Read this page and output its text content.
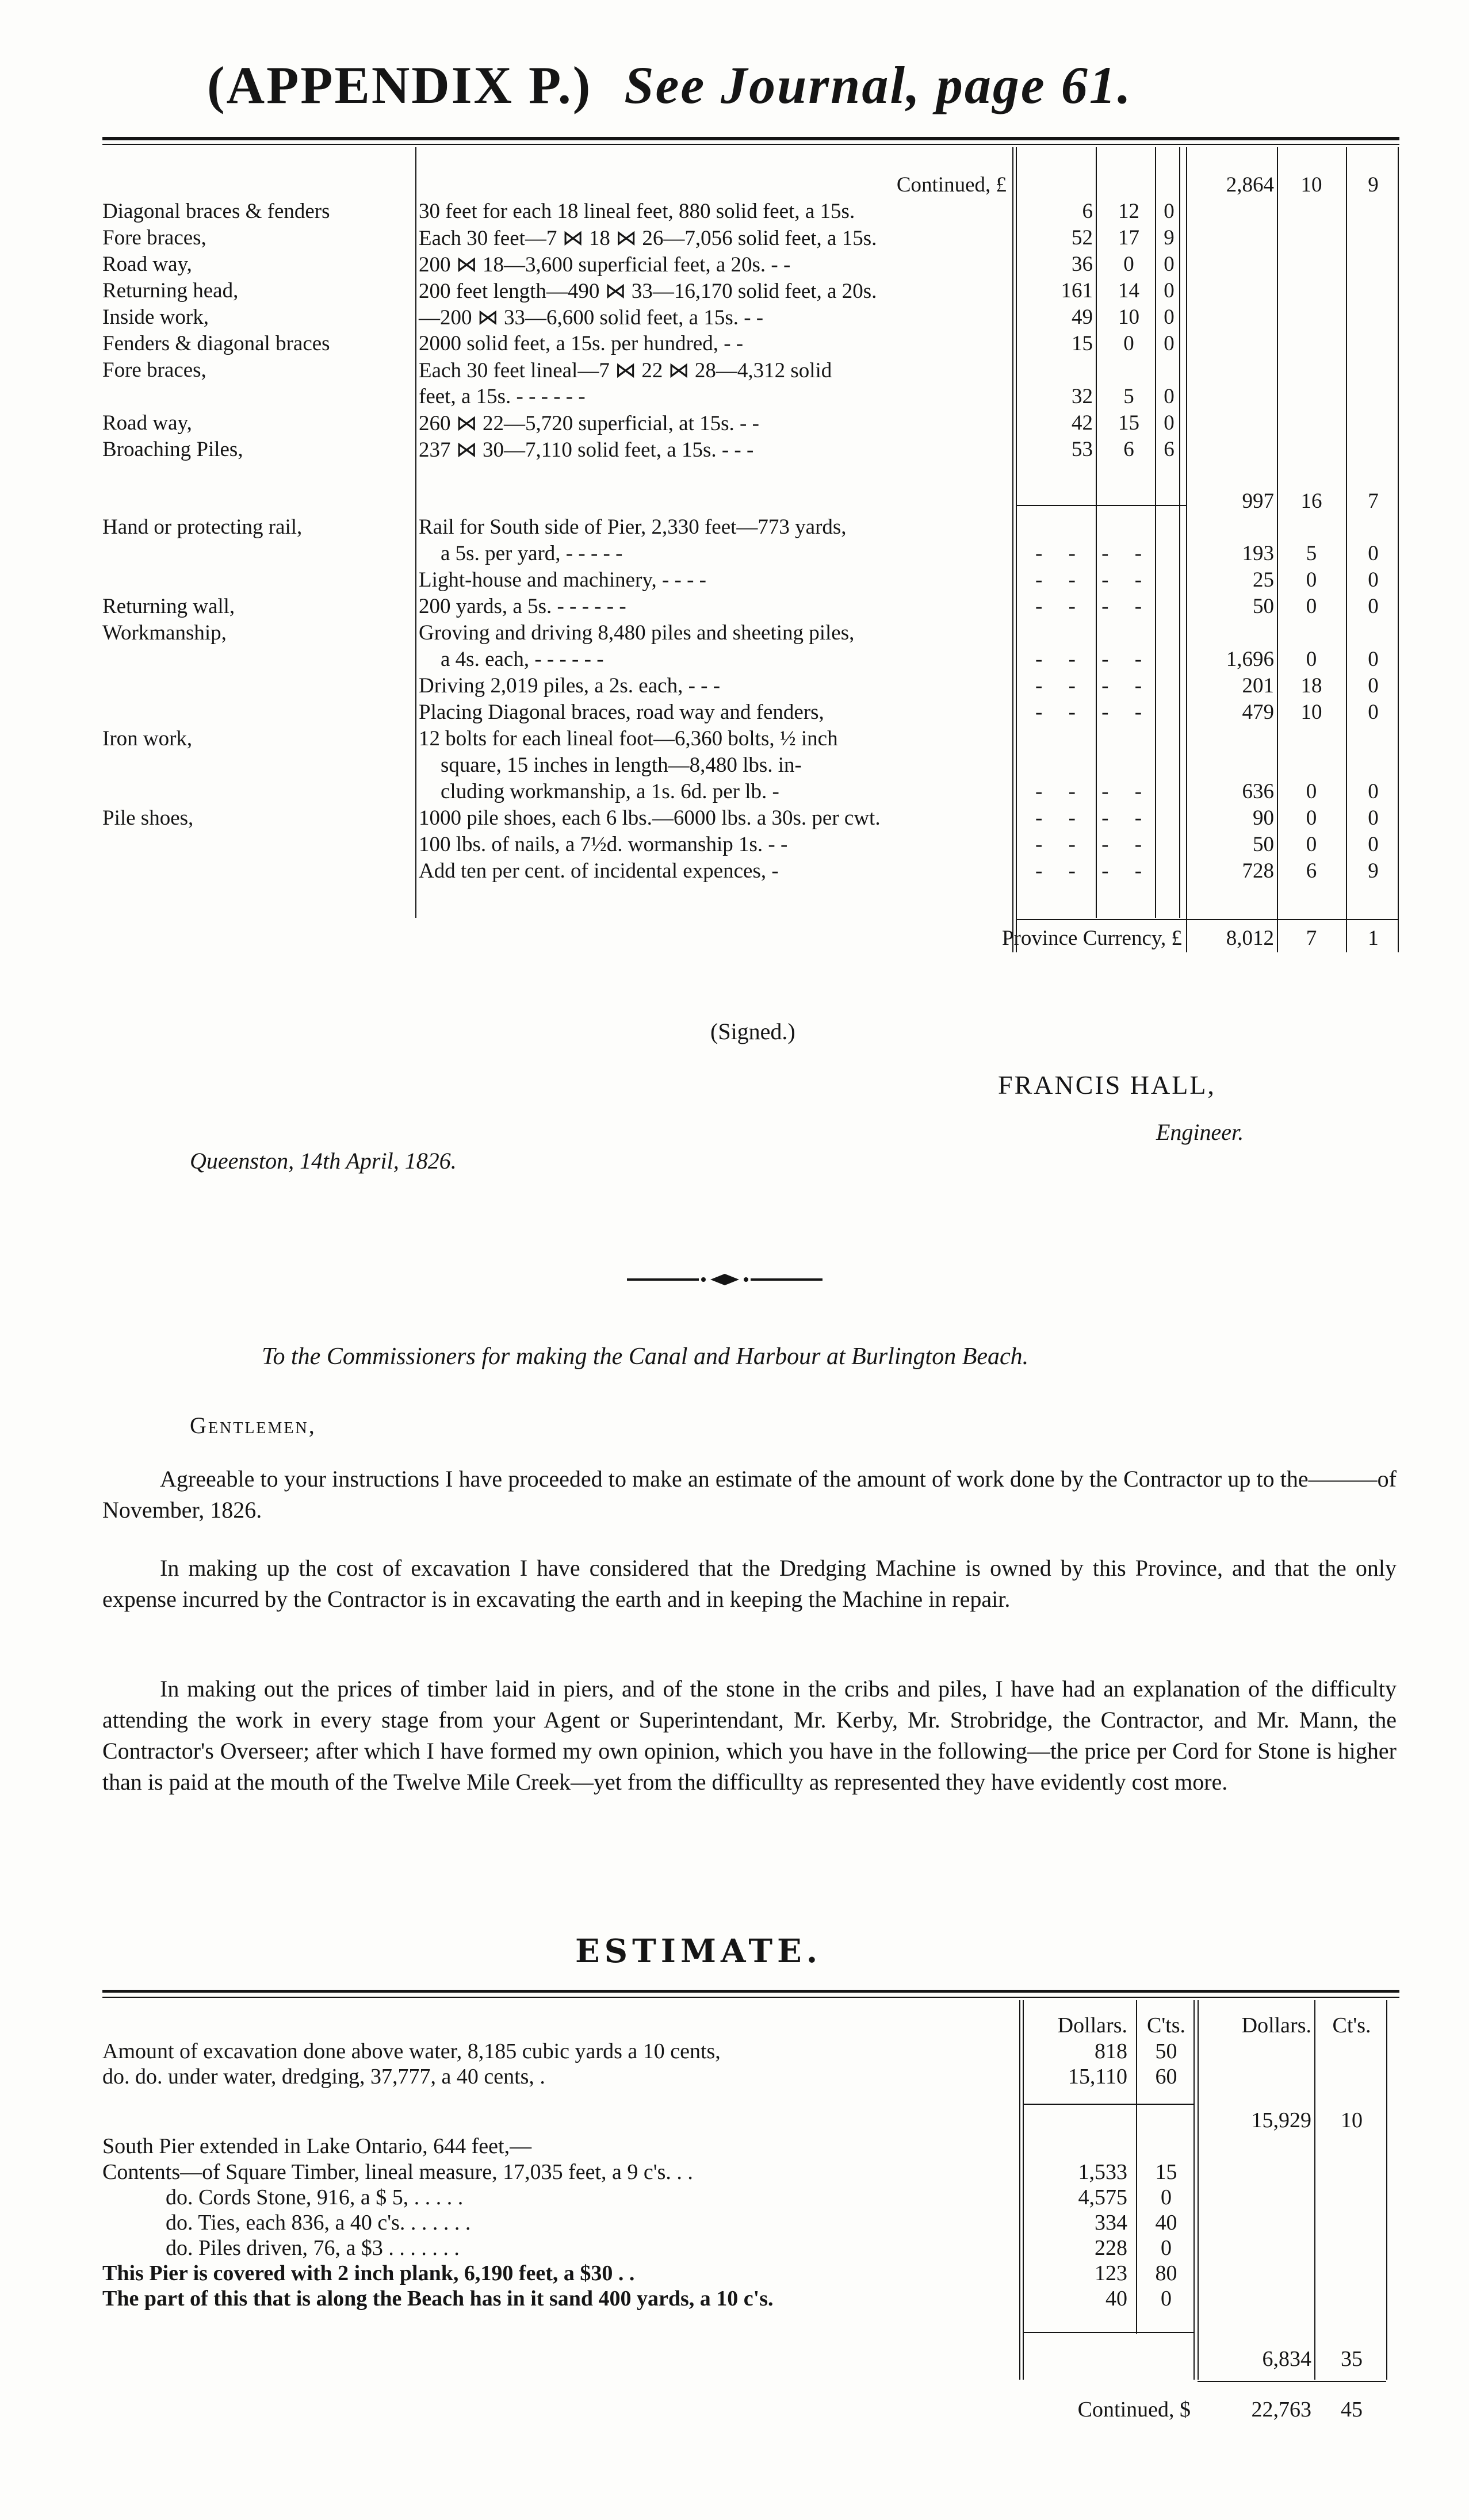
(APPENDIX P.) See Journal, page 61.
Continued, £	2,864	10	9
Diagonal braces & fenders	30 feet for each 18 lineal feet, 880 solid feet, a 15s.	6	12	0
Fore braces,	Each 30 feet—7 ⋈ 18 ⋈ 26—7,056 solid feet, a 15s.	52	17	9
Road way,	200 ⋈ 18—3,600 superficial feet, a 20s. - -	36	0	0
Returning head,	200 feet length—490 ⋈ 33—16,170 solid feet, a 20s.	161	14	0
Inside work,	—200 ⋈ 33—6,600 solid feet, a 15s. - -	49	10	0
Fenders & diagonal braces	2000 solid feet, a 15s. per hundred, - -	15	0	0
Fore braces,	Each 30 feet lineal—7 ⋈ 22 ⋈ 28—4,312 solid
feet, a 15s. - - - - - -	32	5	0
Road way,	260 ⋈ 22—5,720 superficial, at 15s. - -	42	15	0
Broaching Piles,	237 ⋈ 30—7,110 solid feet, a 15s. - - -	53	6	6
997	16	7
Hand or protecting rail,	Rail for South side of Pier, 2,330 feet—773 yards,
a 5s. per yard, - - - - -	- - - -	193	5	0
Light-house and machinery, - - - -	- - - -	25	0	0
Returning wall,	200 yards, a 5s. - - - - - -	- - - -	50	0	0
Workmanship,	Groving and driving 8,480 piles and sheeting piles,
a 4s. each, - - - - - -	- - - -	1,696	0	0
Driving 2,019 piles, a 2s. each, - - -	- - - -	201	18	0
Placing Diagonal braces, road way and fenders,	- - - -	479	10	0
Iron work,	12 bolts for each lineal foot—6,360 bolts, ½ inch
square, 15 inches in length—8,480 lbs. in-
cluding workmanship, a 1s. 6d. per lb. -	- - - -	636	0	0
Pile shoes,	1000 pile shoes, each 6 lbs.—6000 lbs. a 30s. per cwt.	- - - -	90	0	0
100 lbs. of nails, a 7½d. wormanship 1s. - -	- - - -	50	0	0
Add ten per cent. of incidental expences, -	- - - -	728	6	9
Province Currency, £	8,012	7	1
(Signed.)
FRANCIS HALL,
Engineer.
Queenston, 14th April, 1826.
To the Commissioners for making the Canal and Harbour at Burlington Beach.
Gentlemen,
Agreeable to your instructions I have proceeded to make an estimate of the amount of work done by the Contractor up to the———of November, 1826.
In making up the cost of excavation I have considered that the Dredging Machine is owned by this Province, and that the only expense incurred by the Contractor is in excavating the earth and in keeping the Machine in repair.
In making out the prices of timber laid in piers, and of the stone in the cribs and piles, I have had an explanation of the difficulty attending the work in every stage from your Agent or Superintendant, Mr. Kerby, Mr. Strobridge, the Contractor, and Mr. Mann, the Contractor's Overseer; after which I have formed my own opinion, which you have in the following—the price per Cord for Stone is higher than is paid at the mouth of the Twelve Mile Creek—yet from the difficullty as represented they have evidently cost more.
ESTIMATE.
Dollars. C'ts.	Dollars. Ct's.
Amount of excavation done above water, 8,185 cubic yards a 10 cents,	818	50
do. do. under water, dredging, 37,777, a 40 cents, .	15,110	60
15,929	10
South Pier extended in Lake Ontario, 644 feet,—
Contents—of Square Timber, lineal measure, 17,035 feet, a 9 c's. . .	1,533	15
do. Cords Stone, 916, a $ 5, . . . . .	4,575	0
do. Ties, each 836, a 40 c's. . . . . . .	334	40
do. Piles driven, 76, a $3 . . . . . . .	228	0
This Pier is covered with 2 inch plank, 6,190 feet, a $30 . .	123	80
The part of this that is along the Beach has in it sand 400 yards, a 10 c's.	40	0
6,834	35
Continued, $	22,763	45
